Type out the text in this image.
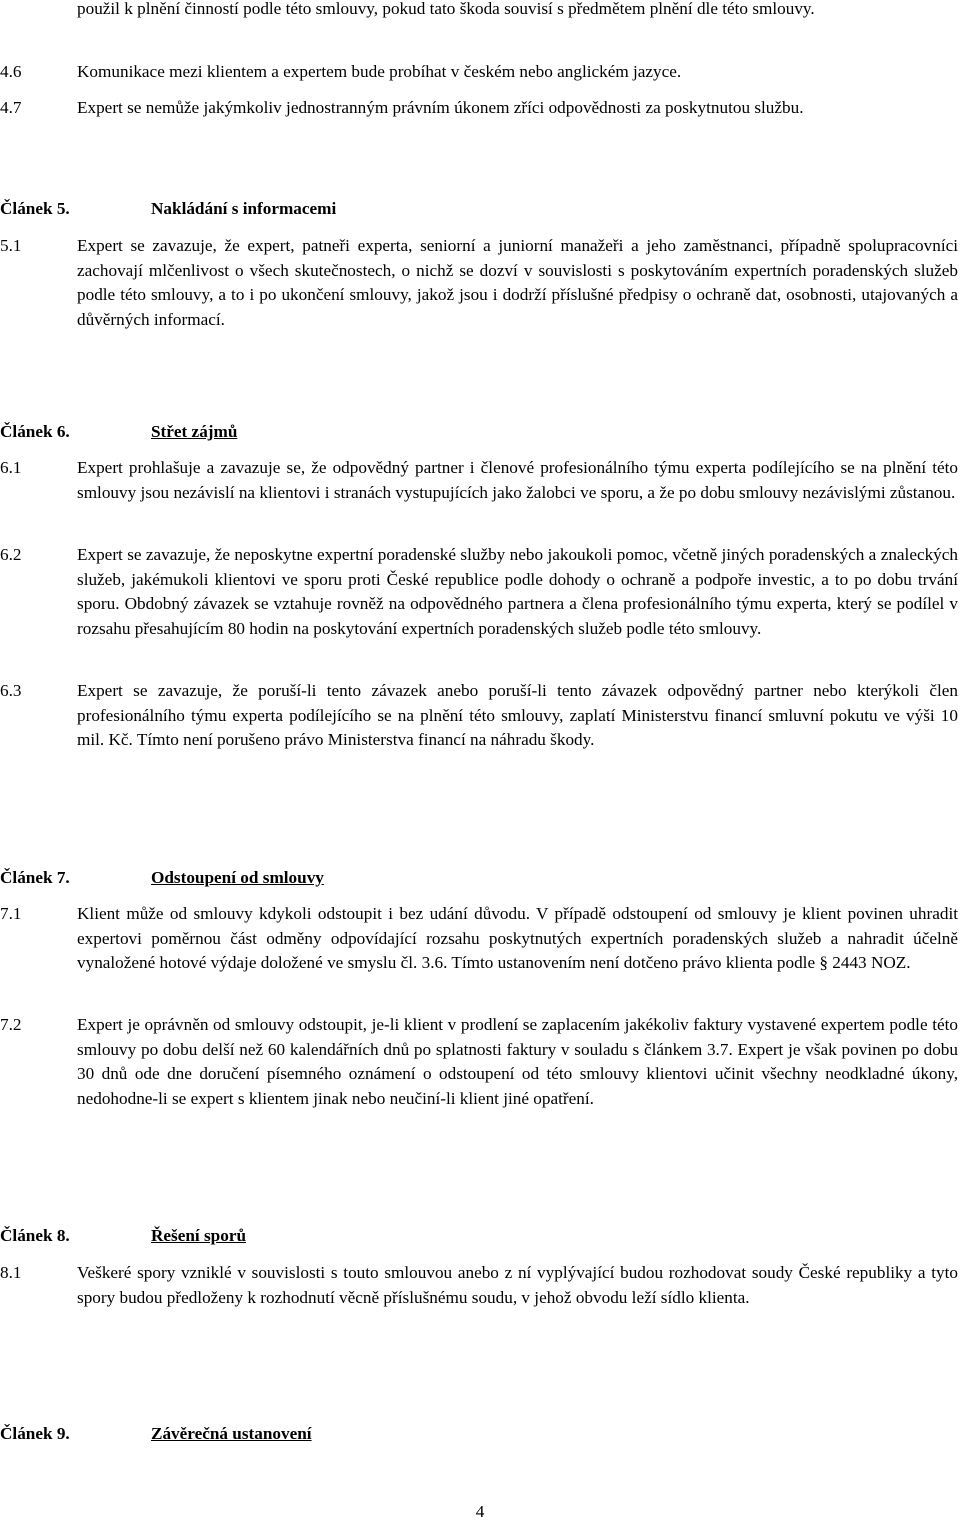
použil k plnění činností podle této smlouvy, pokud tato škoda souvisí s předmětem plnění dle této smlouvy.
4.6	Komunikace mezi klientem a expertem bude probíhat v českém nebo anglickém jazyce.
4.7	Expert se nemůže jakýmkoliv jednostranným právním úkonem zříci odpovědnosti za poskytnutou službu.
Článek 5.	Nakládání s informacemi
5.1	Expert se zavazuje, že expert, patneři experta, seniorní a juniorní manažeři a jeho zaměstnanci, případně spolupracovníci zachovají mlčenlivost o všech skutečnostech, o nichž se dozví v souvislosti s poskytováním expertních poradenských služeb podle této smlouvy, a to i po ukončení smlouvy, jakož jsou i dodrží příslušné předpisy o ochraně dat, osobnosti, utajovaných a důvěrných informací.
Článek 6.	Střet zájmů
6.1	Expert prohlašuje a zavazuje se, že odpovědný partner i členové profesionálního týmu experta podílejícího se na plnění této smlouvy jsou nezávislí na klientovi i stranách vystupujících jako žalobci ve sporu, a že po dobu smlouvy nezávislými zůstanou.
6.2	Expert se zavazuje, že neposkytne expertní poradenské služby nebo jakoukoli pomoc, včetně jiných poradenských a znaleckých služeb, jakémukoli klientovi ve sporu proti České republice podle dohody o ochraně a podpoře investic, a to po dobu trvání sporu. Obdobný závazek se vztahuje rovněž na odpovědného partnera a člena profesionálního týmu experta, který se podílel v rozsahu přesahujícím 80 hodin na poskytování expertních poradenských služeb podle této smlouvy.
6.3	Expert se zavazuje, že poruší-li tento závazek anebo poruší-li tento závazek odpovědný partner nebo kterýkoli člen profesionálního týmu experta podílejícího se na plnění této smlouvy, zaplatí Ministerstvu financí smluvní pokutu ve výši 10 mil. Kč. Tímto není porušeno právo Ministerstva financí na náhradu škody.
Článek 7.	Odstoupení od smlouvy
7.1	Klient může od smlouvy kdykoli odstoupit i bez udání důvodu. V případě odstoupení od smlouvy je klient povinen uhradit expertovi poměrnou část odměny odpovídající rozsahu poskytnutých expertních poradenských služeb a nahradit účelně vynaložené hotové výdaje doložené ve smyslu čl. 3.6. Tímto ustanovením není dotčeno právo klienta podle § 2443 NOZ.
7.2	Expert je oprávněn od smlouvy odstoupit, je-li klient v prodlení se zaplacením jakékoliv faktury vystavené expertem podle této smlouvy po dobu delší než 60 kalendářních dnů po splatnosti faktury v souladu s článkem 3.7. Expert je však povinen po dobu 30 dnů ode dne doručení písemného oznámení o odstoupení od této smlouvy klientovi učinit všechny neodkladné úkony, nedohodne-li se expert s klientem jinak nebo neučiní-li klient jiné opatření.
Článek 8.	Řešení sporů
8.1	Veškeré spory vzniklé v souvislosti s touto smlouvou anebo z ní vyplývající budou rozhodovat soudy České republiky a tyto spory budou předloženy k rozhodnutí věcně příslušnému soudu, v jehož obvodu leží sídlo klienta.
Článek 9.	Závěrečná ustanovení
4
